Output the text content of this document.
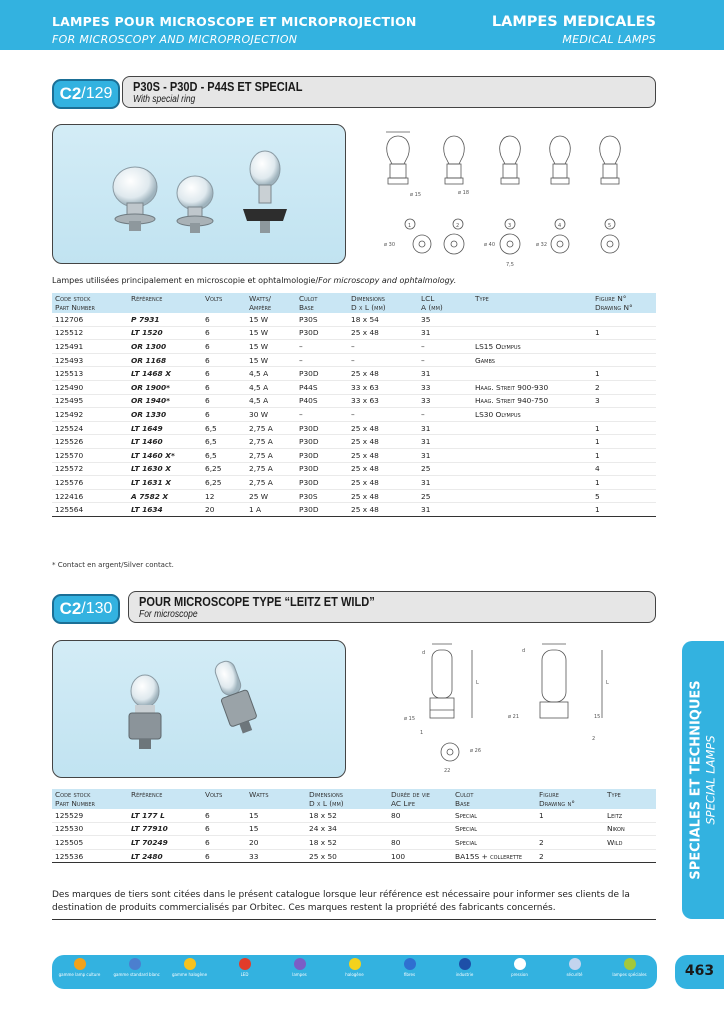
LAMPES POUR MICROSCOPE ET MICROPROJECTION
FOR MICROSCOPY AND MICROPROJECTION
LAMPES MEDICALES
MEDICAL LAMPS
C2 /129 P30S - P30D - P44S ET SPECIAL
With special ring
1	2	3	4	5
ø 15	ø 18
ø 30	ø 40	ø 32
7,5
Lampes utilisées principalement en microscopie et ophtalmologie/For microscopy and ophtalmology.
Code stock
Part Number	Référence	Volts	Watts/
Ampère	Culot
Base	Dimensions
D x L (mm)	LCL
A (mm)	Type	Figure N°
Drawing N°
112706	P 7931	6	15 W	P30S	18 x 54	35		
125512	LT 1520	6	15 W	P30D	25 x 48	31		1
125491	OR 1300	6	15 W	–	–	–	LS15 Olympus	
125493	OR 1168	6	15 W	–	–	–	Gambs	
125513	LT 1468 X	6	4,5 A	P30D	25 x 48	31		1
125490	OR 1900*	6	4,5 A	P44S	33 x 63	33	Haag. Streit 900-930	2
125495	OR 1940*	6	4,5 A	P40S	33 x 63	33	Haag. Streit 940-750	3
125492	OR 1330	6	30 W	–	–	–	LS30 Olympus	
125524	LT 1649	6,5	2,75 A	P30D	25 x 48	31		1
125526	LT 1460	6,5	2,75 A	P30D	25 x 48	31		1
125570	LT 1460 X*	6,5	2,75 A	P30D	25 x 48	31		1
125572	LT 1630 X	6,25	2,75 A	P30D	25 x 48	25		4
125576	LT 1631 X	6,25	2,75 A	P30D	25 x 48	31		1
122416	A 7582 X	12	25 W	P30S	25 x 48	25		5
125564	LT 1634	20	1 A	P30D	25 x 48	31		1
* Contact en argent/Silver contact.
C2 /130 POUR MICROSCOPE TYPE “LEITZ ET WILD”
For microscope
d
L
ø 15
ø 26
22
d
L
ø 21	15
1
2
Code stock
Part Number	Référence	Volts	Watts	Dimensions
D x L (mm)	Durée de vie
AC Life	Culot
Base	Figure
Drawing n°	Type

125529	LT 177 L	6	15	18 x 52	80	Special	1	Leitz
125530	LT 77910	6	15	24 x 34		Special		Nikon
125505	LT 70249	6	20	18 x 52	80	Special	2	Wild
125536	LT 2480	6	33	25 x 50	100	BA15S + collerette	2	
Des marques de tiers sont citées dans le présent catalogue lorsque leur référence est nécessaire pour informer ses clients de la destination de produits commercialisés par Orbitec. Ces marques restent la propriété des fabricants concernés.
SPECIALES ET TECHNIQUES SPECIAL LAMPS
gamme lamp culture	gamme standard blanc	gamme halogène	LED	lampes	halogène	fibres	industrie	pression	sécurité	lampes spéciales	463
